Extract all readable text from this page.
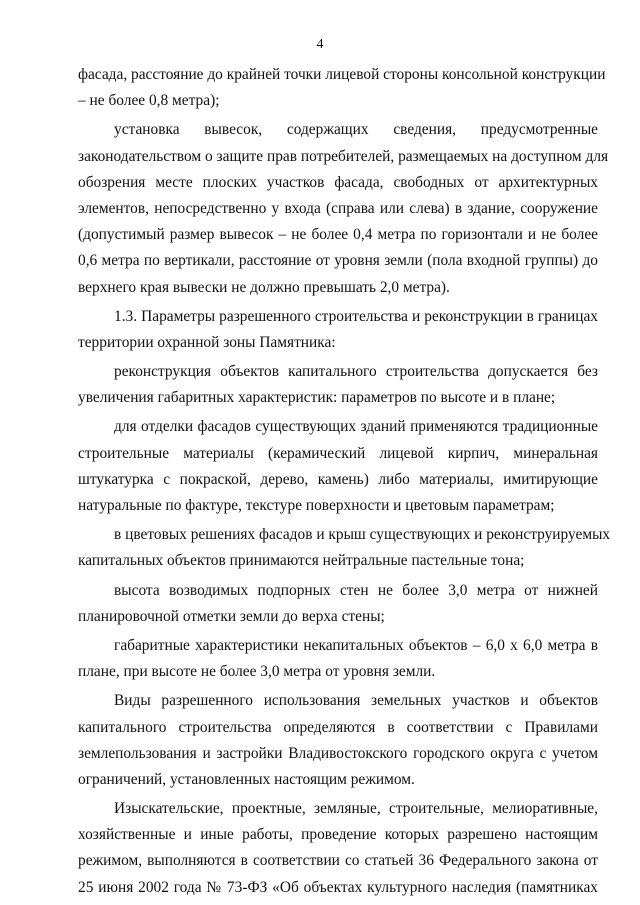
4
фасада, расстояние до крайней точки лицевой стороны консольной конструкции
– не более 0,8 метра);
установка вывесок, содержащих сведения, предусмотренные
законодательством о защите прав потребителей, размещаемых на доступном для
обозрения месте плоских участков фасада, свободных от архитектурных
элементов, непосредственно у входа (справа или слева) в здание, сооружение
(допустимый размер вывесок – не более 0,4 метра по горизонтали и не более
0,6 метра по вертикали, расстояние от уровня земли (пола входной группы) до
верхнего края вывески не должно превышать 2,0 метра).
1.3. Параметры разрешенного строительства и реконструкции в границах
территории охранной зоны Памятника:
реконструкция объектов капитального строительства допускается без
увеличения габаритных характеристик: параметров по высоте и в плане;
для отделки фасадов существующих зданий применяются традиционные
строительные материалы (керамический лицевой кирпич, минеральная
штукатурка с покраской, дерево, камень) либо материалы, имитирующие
натуральные по фактуре, текстуре поверхности и цветовым параметрам;
в цветовых решениях фасадов и крыш существующих и реконструируемых
капитальных объектов принимаются нейтральные пастельные тона;
высота возводимых подпорных стен не более 3,0 метра от нижней
планировочной отметки земли до верха стены;
габаритные характеристики некапитальных объектов – 6,0 х 6,0 метра в
плане, при высоте не более 3,0 метра от уровня земли.
Виды разрешенного использования земельных участков и объектов
капитального строительства определяются в соответствии с Правилами
землепользования и застройки Владивостокского городского округа с учетом
ограничений, установленных настоящим режимом.
Изыскательские, проектные, земляные, строительные, мелиоративные,
хозяйственные и иные работы, проведение которых разрешено настоящим
режимом, выполняются в соответствии со статьей 36 Федерального закона от
25 июня 2002 года № 73-ФЗ «Об объектах культурного наследия (памятниках
